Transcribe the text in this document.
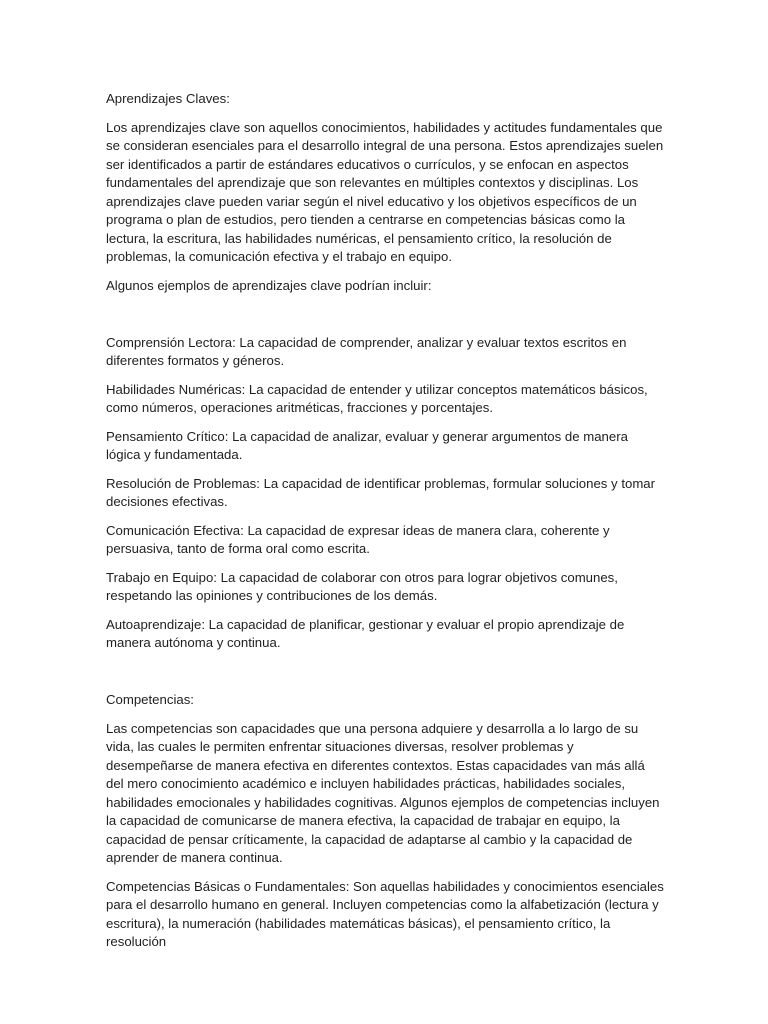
Aprendizajes Claves:

Los aprendizajes clave son aquellos conocimientos, habilidades y actitudes fundamentales que se consideran esenciales para el desarrollo integral de una persona. Estos aprendizajes suelen ser identificados a partir de estándares educativos o currículos, y se enfocan en aspectos fundamentales del aprendizaje que son relevantes en múltiples contextos y disciplinas. Los aprendizajes clave pueden variar según el nivel educativo y los objetivos específicos de un programa o plan de estudios, pero tienden a centrarse en competencias básicas como la lectura, la escritura, las habilidades numéricas, el pensamiento crítico, la resolución de problemas, la comunicación efectiva y el trabajo en equipo.

Algunos ejemplos de aprendizajes clave podrían incluir:

Comprensión Lectora: La capacidad de comprender, analizar y evaluar textos escritos en diferentes formatos y géneros.

Habilidades Numéricas: La capacidad de entender y utilizar conceptos matemáticos básicos, como números, operaciones aritméticas, fracciones y porcentajes.

Pensamiento Crítico: La capacidad de analizar, evaluar y generar argumentos de manera lógica y fundamentada.

Resolución de Problemas: La capacidad de identificar problemas, formular soluciones y tomar decisiones efectivas.

Comunicación Efectiva: La capacidad de expresar ideas de manera clara, coherente y persuasiva, tanto de forma oral como escrita.

Trabajo en Equipo: La capacidad de colaborar con otros para lograr objetivos comunes, respetando las opiniones y contribuciones de los demás.

Autoaprendizaje: La capacidad de planificar, gestionar y evaluar el propio aprendizaje de manera autónoma y continua.

Competencias:

Las competencias son capacidades que una persona adquiere y desarrolla a lo largo de su vida, las cuales le permiten enfrentar situaciones diversas, resolver problemas y desempeñarse de manera efectiva en diferentes contextos. Estas capacidades van más allá del mero conocimiento académico e incluyen habilidades prácticas, habilidades sociales, habilidades emocionales y habilidades cognitivas. Algunos ejemplos de competencias incluyen la capacidad de comunicarse de manera efectiva, la capacidad de trabajar en equipo, la capacidad de pensar críticamente, la capacidad de adaptarse al cambio y la capacidad de aprender de manera continua.

Competencias Básicas o Fundamentales: Son aquellas habilidades y conocimientos esenciales para el desarrollo humano en general. Incluyen competencias como la alfabetización (lectura y escritura), la numeración (habilidades matemáticas básicas), el pensamiento crítico, la resolución
